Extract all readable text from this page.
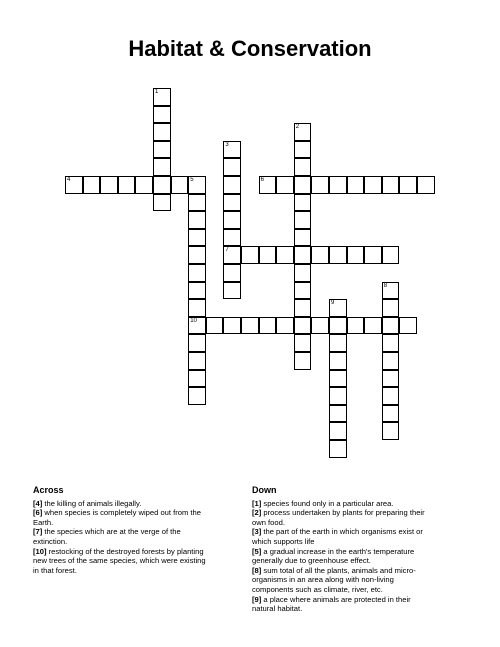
Habitat & Conservation
1
2
3
7
4	5
10
6
8
9
Across
[4] the killing of animals illegally.
[6] when species is completely wiped out from the Earth.
[7] the species which are at the verge of the extinction.
[10] restocking of the destroyed forests by planting new trees of the same species, which were existing in that forest.
Down
[1] species found only in a particular area.
[2] process undertaken by plants for preparing their own food.
[3] the part of the earth in which organisms exist or which supports life
[5] a gradual increase in the earth's temperature generally due to greenhouse effect.
[8] sum total of all the plants, animals and micro-organisms in an area along with non-living components such as climate, river, etc.
[9] a place where animals are protected in their natural habitat.
